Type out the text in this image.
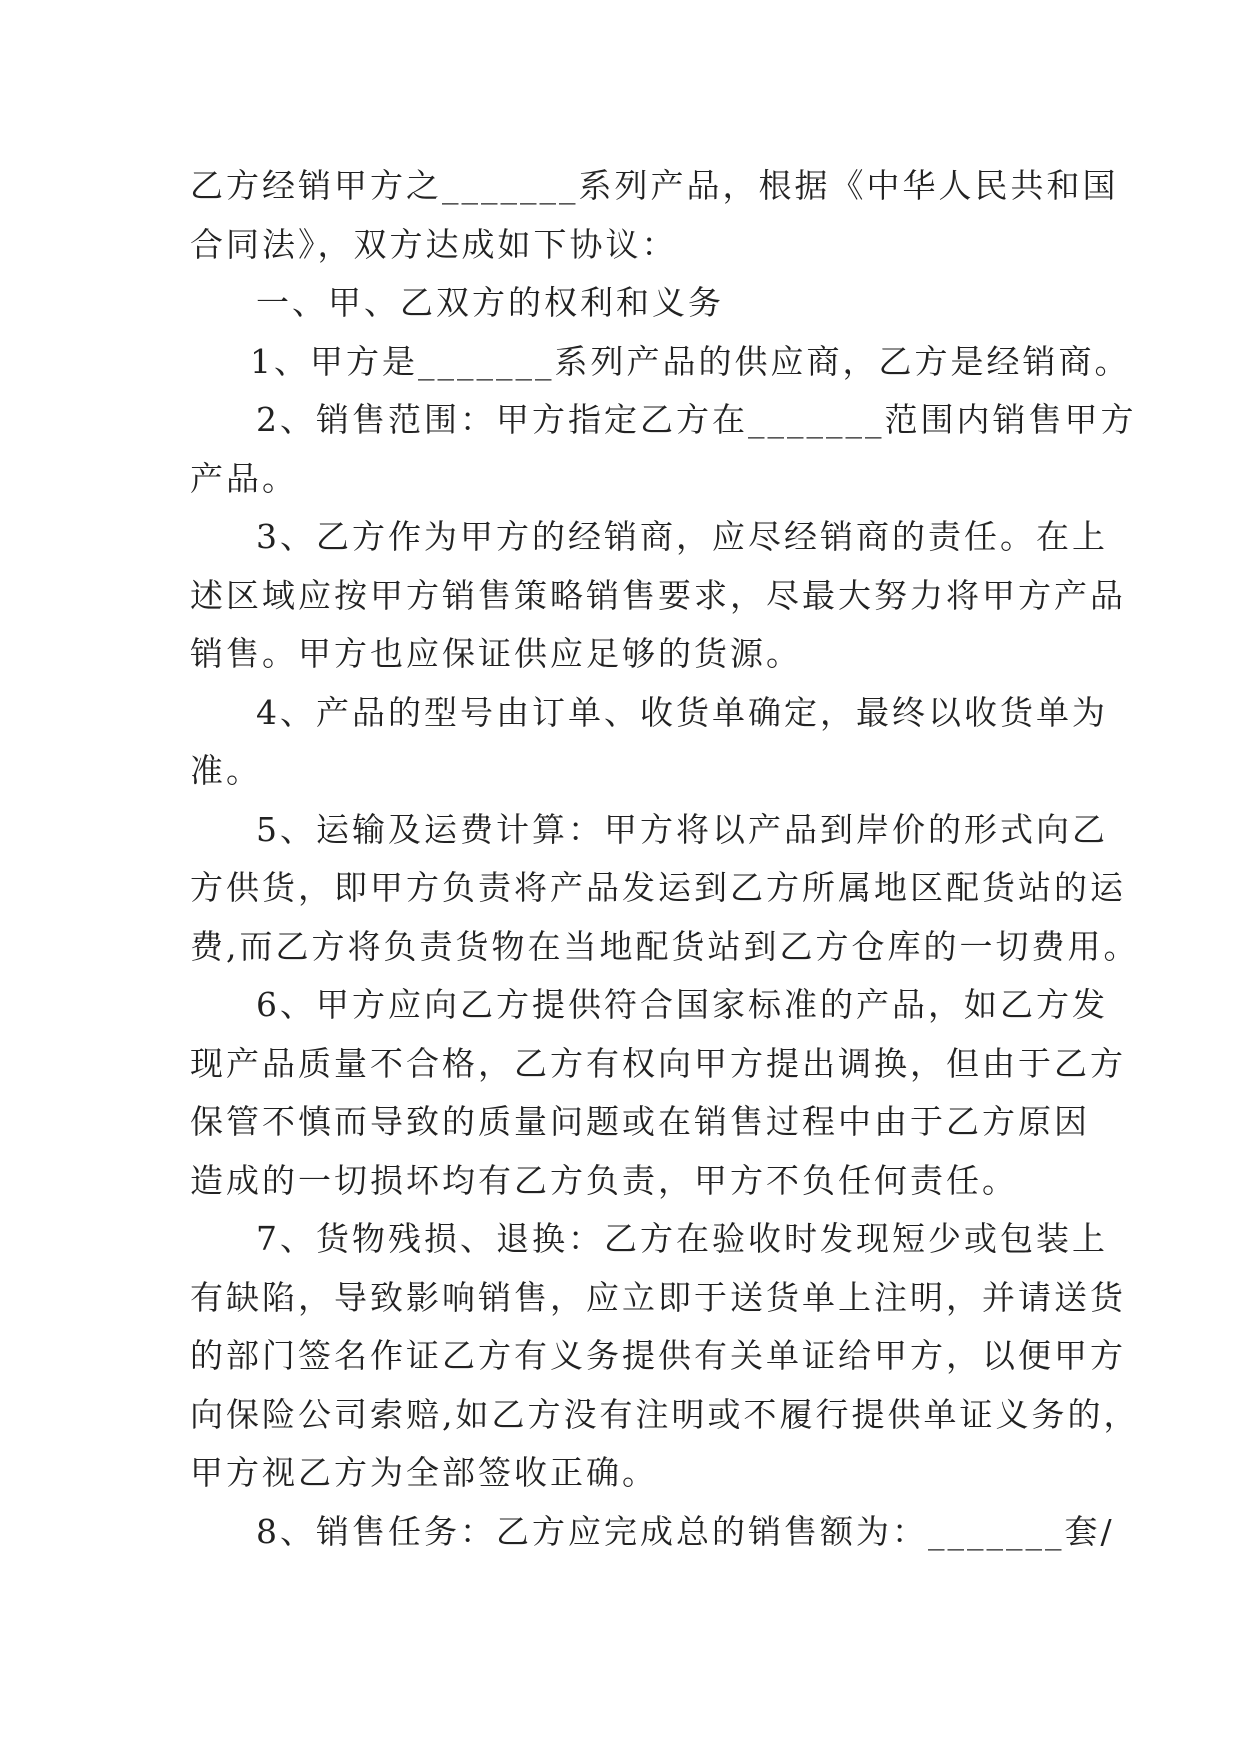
乙方经销甲方之_______系列产品，根据《中华人民共和国
合同法》，双方达成如下协议：
一、甲、乙双方的权利和义务
1、甲方是_______系列产品的供应商，乙方是经销商。
2、销售范围：甲方指定乙方在_______范围内销售甲方
产品。
3、乙方作为甲方的经销商，应尽经销商的责任。在上
述区域应按甲方销售策略销售要求，尽最大努力将甲方产品
销售。甲方也应保证供应足够的货源。
4、产品的型号由订单、收货单确定，最终以收货单为
准。
5、运输及运费计算：甲方将以产品到岸价的形式向乙
方供货，即甲方负责将产品发运到乙方所属地区配货站的运
费,而乙方将负责货物在当地配货站到乙方仓库的一切费用。
6、甲方应向乙方提供符合国家标准的产品，如乙方发
现产品质量不合格，乙方有权向甲方提出调换，但由于乙方
保管不慎而导致的质量问题或在销售过程中由于乙方原因
造成的一切损坏均有乙方负责，甲方不负任何责任。
7、货物残损、退换：乙方在验收时发现短少或包装上
有缺陷，导致影响销售，应立即于送货单上注明，并请送货
的部门签名作证乙方有义务提供有关单证给甲方，以便甲方
向保险公司索赔,如乙方没有注明或不履行提供单证义务的，
甲方视乙方为全部签收正确。
8、销售任务：乙方应完成总的销售额为：_______套/
